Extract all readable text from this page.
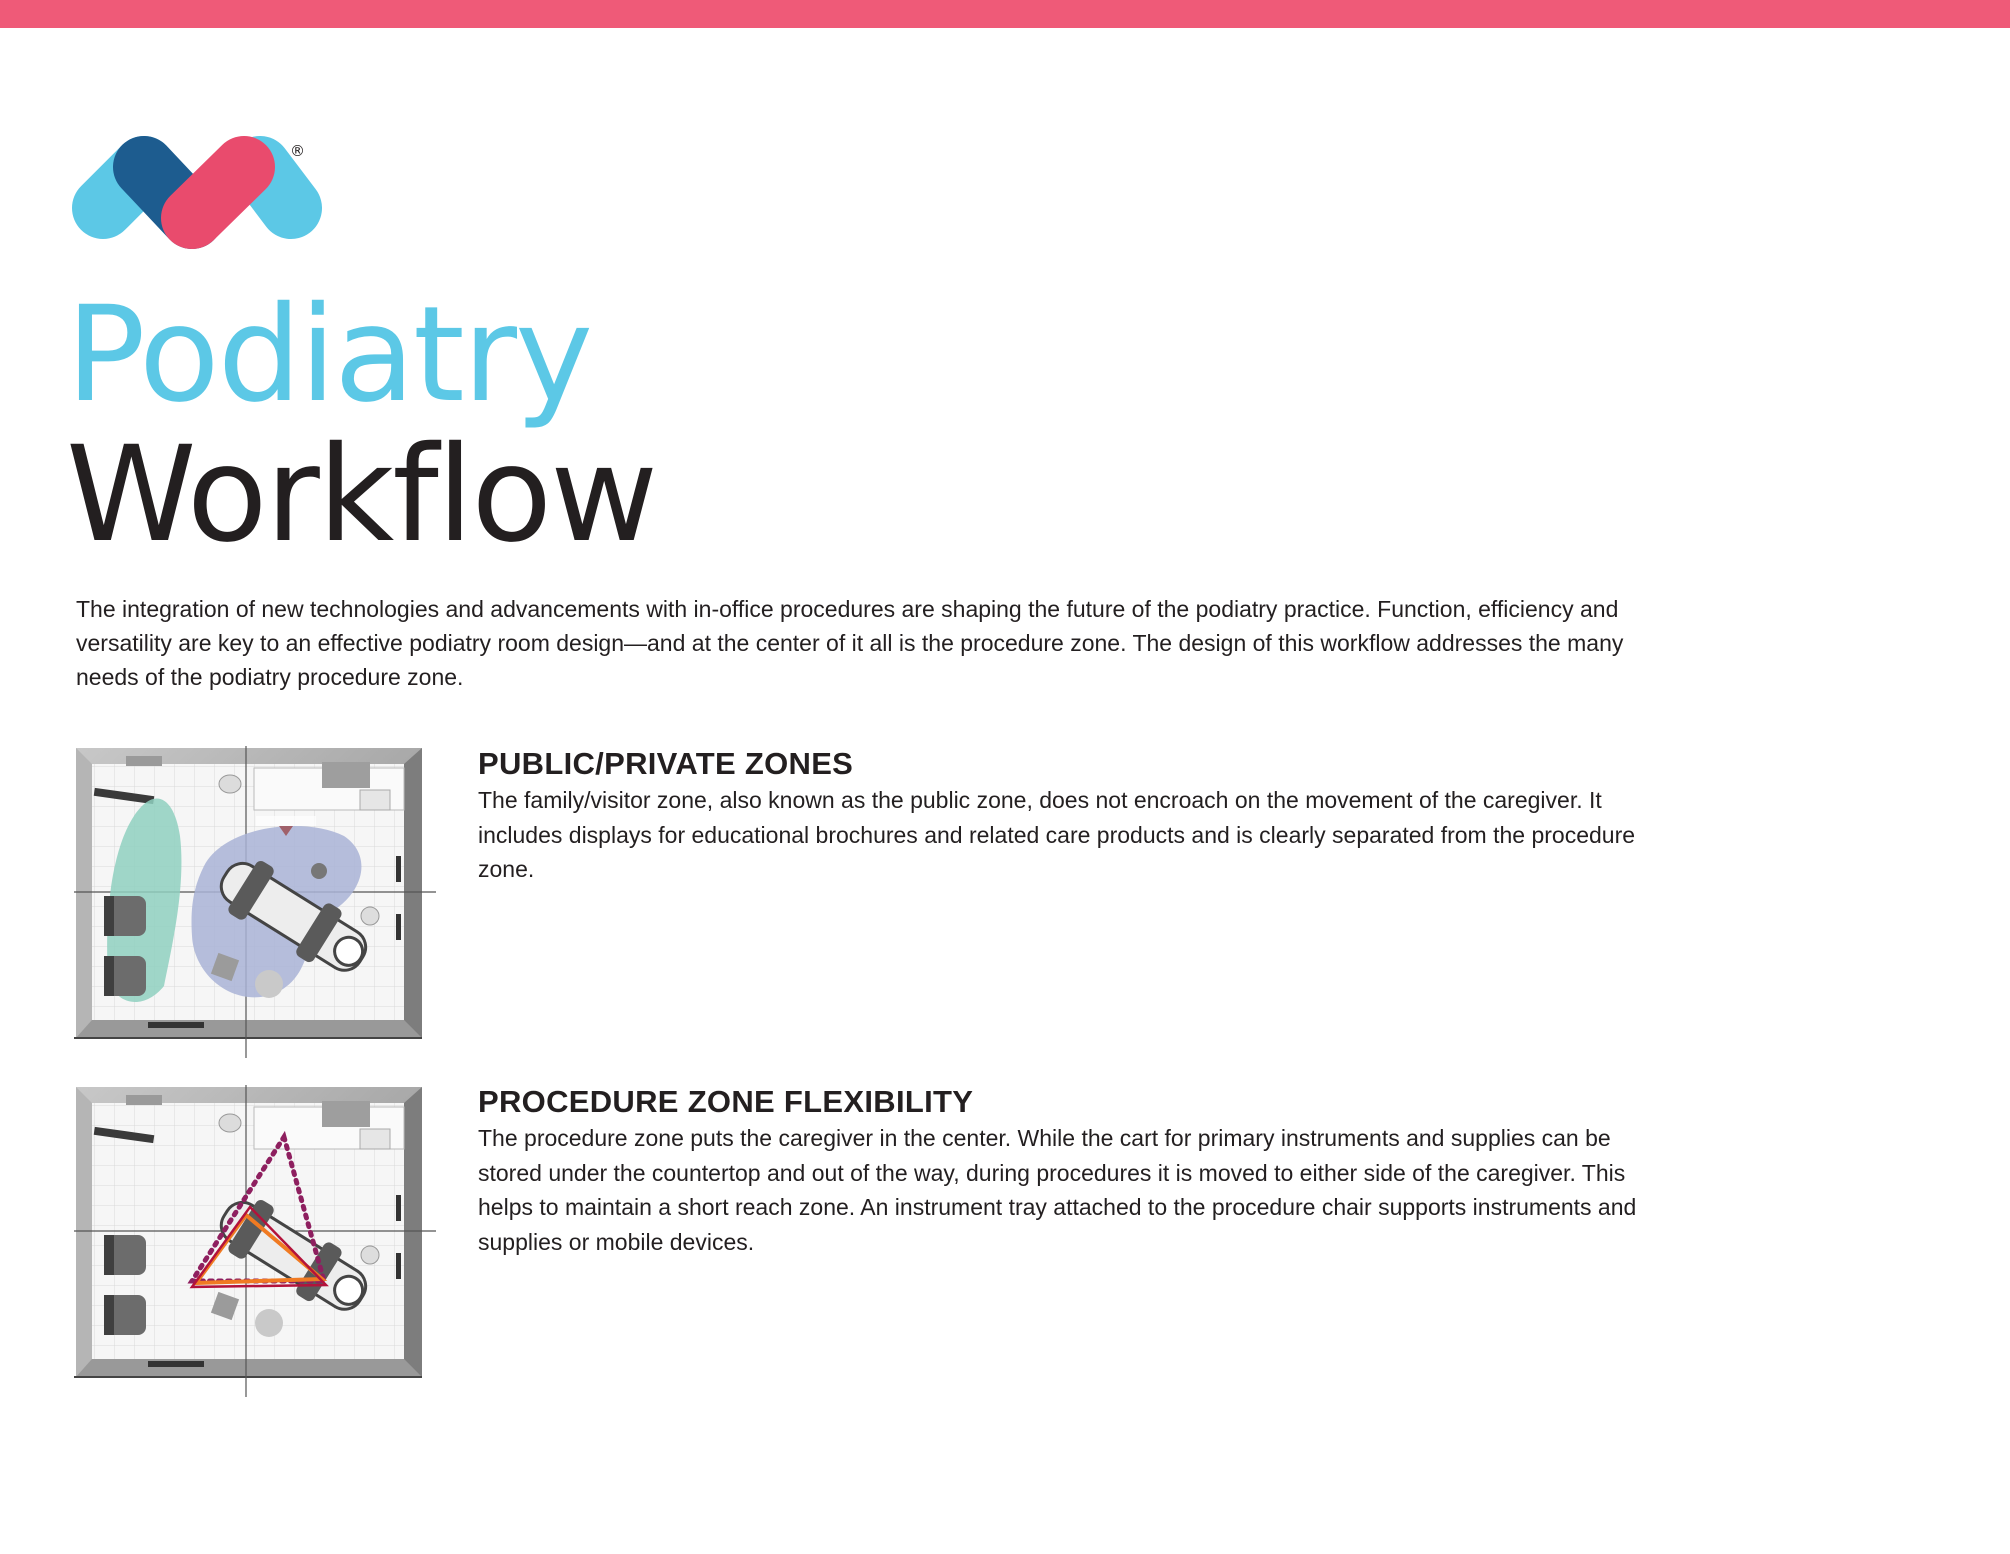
®
Podiatry
Workflow

The integration of new technologies and advancements with in-office procedures are shaping the future of the podiatry practice. Function, efficiency and versatility are key to an effective podiatry room design—and at the center of it all is the procedure zone. The design of this workflow addresses the many needs of the podiatry procedure zone.

PUBLIC/PRIVATE ZONES

The family/visitor zone, also known as the public zone, does not encroach on the movement of the caregiver. It includes displays for educational brochures and related care products and is clearly separated from the procedure zone.

PROCEDURE ZONE FLEXIBILITY

The procedure zone puts the caregiver in the center. While the cart for primary instruments and supplies can be stored under the countertop and out of the way, during procedures it is moved to either side of the caregiver. This helps to maintain a short reach zone. An instrument tray attached to the procedure chair supports instruments and supplies or mobile devices.
